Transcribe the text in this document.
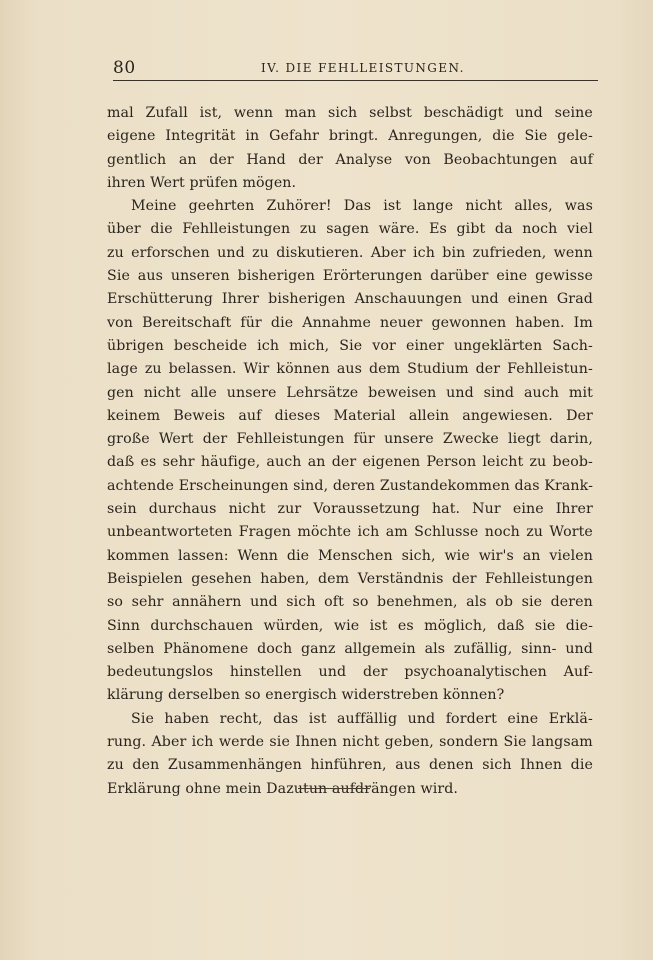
80	IV. DIE FEHLLEISTUNGEN.
mal Zufall ist, wenn man sich selbst beschädigt und seine
eigene Integrität in Gefahr bringt. Anregungen, die Sie gele-
gentlich an der Hand der Analyse von Beobachtungen auf
ihren Wert prüfen mögen.
Meine geehrten Zuhörer! Das ist lange nicht alles, was
über die Fehlleistungen zu sagen wäre. Es gibt da noch viel
zu erforschen und zu diskutieren. Aber ich bin zufrieden, wenn
Sie aus unseren bisherigen Erörterungen darüber eine gewisse
Erschütterung Ihrer bisherigen Anschauungen und einen Grad
von Bereitschaft für die Annahme neuer gewonnen haben. Im
übrigen bescheide ich mich, Sie vor einer ungeklärten Sach-
lage zu belassen. Wir können aus dem Studium der Fehlleistun-
gen nicht alle unsere Lehrsätze beweisen und sind auch mit
keinem Beweis auf dieses Material allein angewiesen. Der
große Wert der Fehlleistungen für unsere Zwecke liegt darin,
daß es sehr häufige, auch an der eigenen Person leicht zu beob-
achtende Erscheinungen sind, deren Zustandekommen das Krank-
sein durchaus nicht zur Voraussetzung hat. Nur eine Ihrer
unbeantworteten Fragen möchte ich am Schlusse noch zu Worte
kommen lassen: Wenn die Menschen sich, wie wir's an vielen
Beispielen gesehen haben, dem Verständnis der Fehlleistungen
so sehr annähern und sich oft so benehmen, als ob sie deren
Sinn durchschauen würden, wie ist es möglich, daß sie die-
selben Phänomene doch ganz allgemein als zufällig, sinn- und
bedeutungslos hinstellen und der psychoanalytischen Auf-
klärung derselben so energisch widerstreben können?
Sie haben recht, das ist auffällig und fordert eine Erklä-
rung. Aber ich werde sie Ihnen nicht geben, sondern Sie langsam
zu den Zusammenhängen hinführen, aus denen sich Ihnen die
Erklärung ohne mein Dazutun aufdrängen wird.
